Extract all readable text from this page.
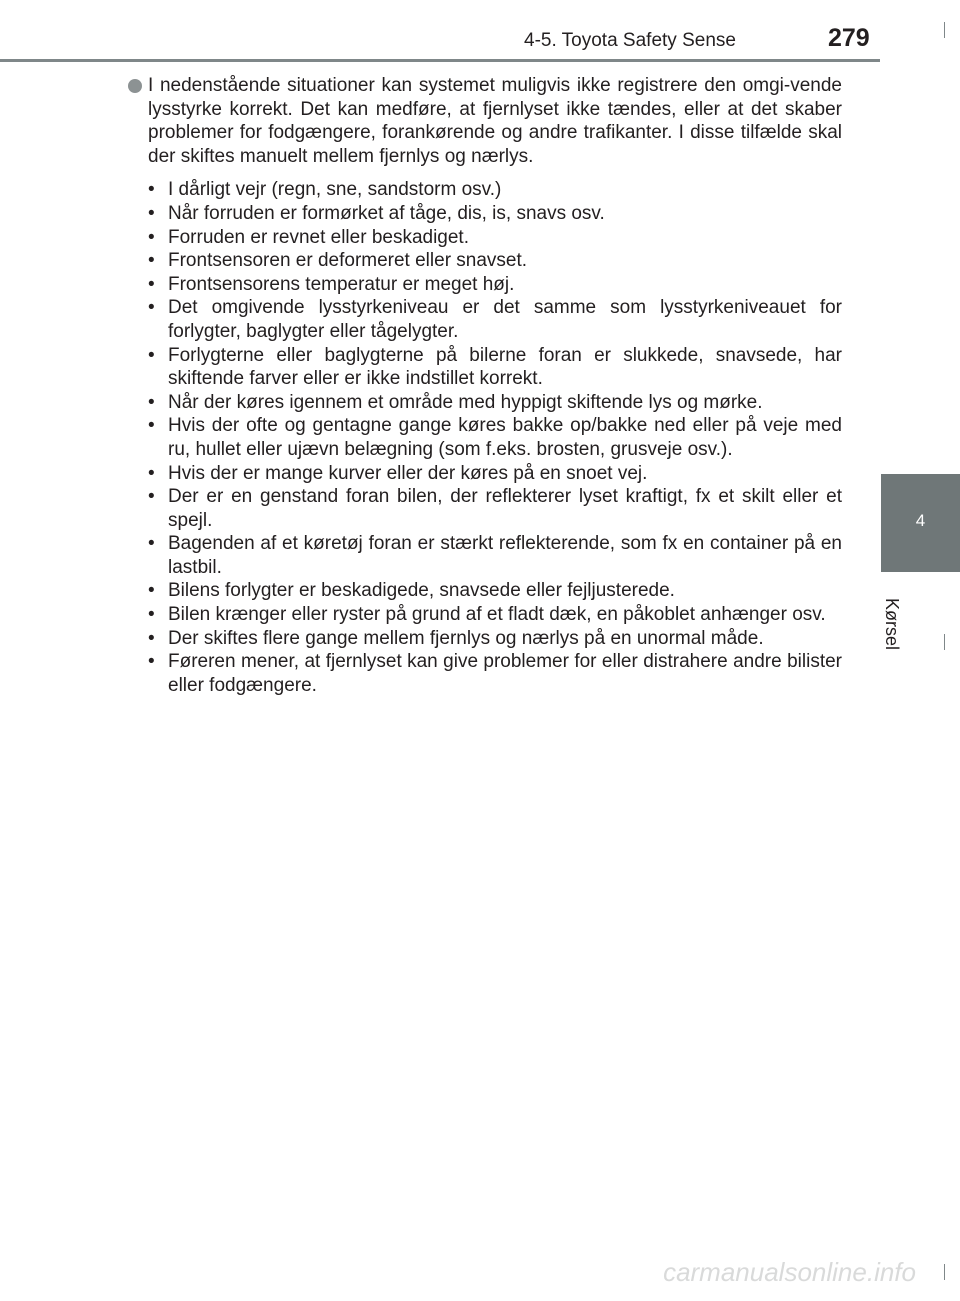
4-5. Toyota Safety Sense	279
4
Kørsel
I nedenstående situationer kan systemet muligvis ikke registrere den omgi-vende lysstyrke korrekt. Det kan medføre, at fjernlyset ikke tændes, eller at det skaber problemer for fodgængere, forankørende og andre trafikanter. I disse tilfælde skal der skiftes manuelt mellem fjernlys og nærlys.
• I dårligt vejr (regn, sne, sandstorm osv.)
• Når forruden er formørket af tåge, dis, is, snavs osv.
• Forruden er revnet eller beskadiget.
• Frontsensoren er deformeret eller snavset.
• Frontsensorens temperatur er meget høj.
• Det omgivende lysstyrkeniveau er det samme som lysstyrkeniveauet for forlygter, baglygter eller tågelygter.
• Forlygterne eller baglygterne på bilerne foran er slukkede, snavsede, har skiftende farver eller er ikke indstillet korrekt.
• Når der køres igennem et område med hyppigt skiftende lys og mørke.
• Hvis der ofte og gentagne gange køres bakke op/bakke ned eller på veje med ru, hullet eller ujævn belægning (som f.eks. brosten, grusveje osv.).
• Hvis der er mange kurver eller der køres på en snoet vej.
• Der er en genstand foran bilen, der reflekterer lyset kraftigt, fx et skilt eller et spejl.
• Bagenden af et køretøj foran er stærkt reflekterende, som fx en container på en lastbil.
• Bilens forlygter er beskadigede, snavsede eller fejljusterede.
• Bilen krænger eller ryster på grund af et fladt dæk, en påkoblet anhænger osv.
• Der skiftes flere gange mellem fjernlys og nærlys på en unormal måde.
• Føreren mener, at fjernlyset kan give problemer for eller distrahere andre bilister eller fodgængere.
carmanualsonline.info
